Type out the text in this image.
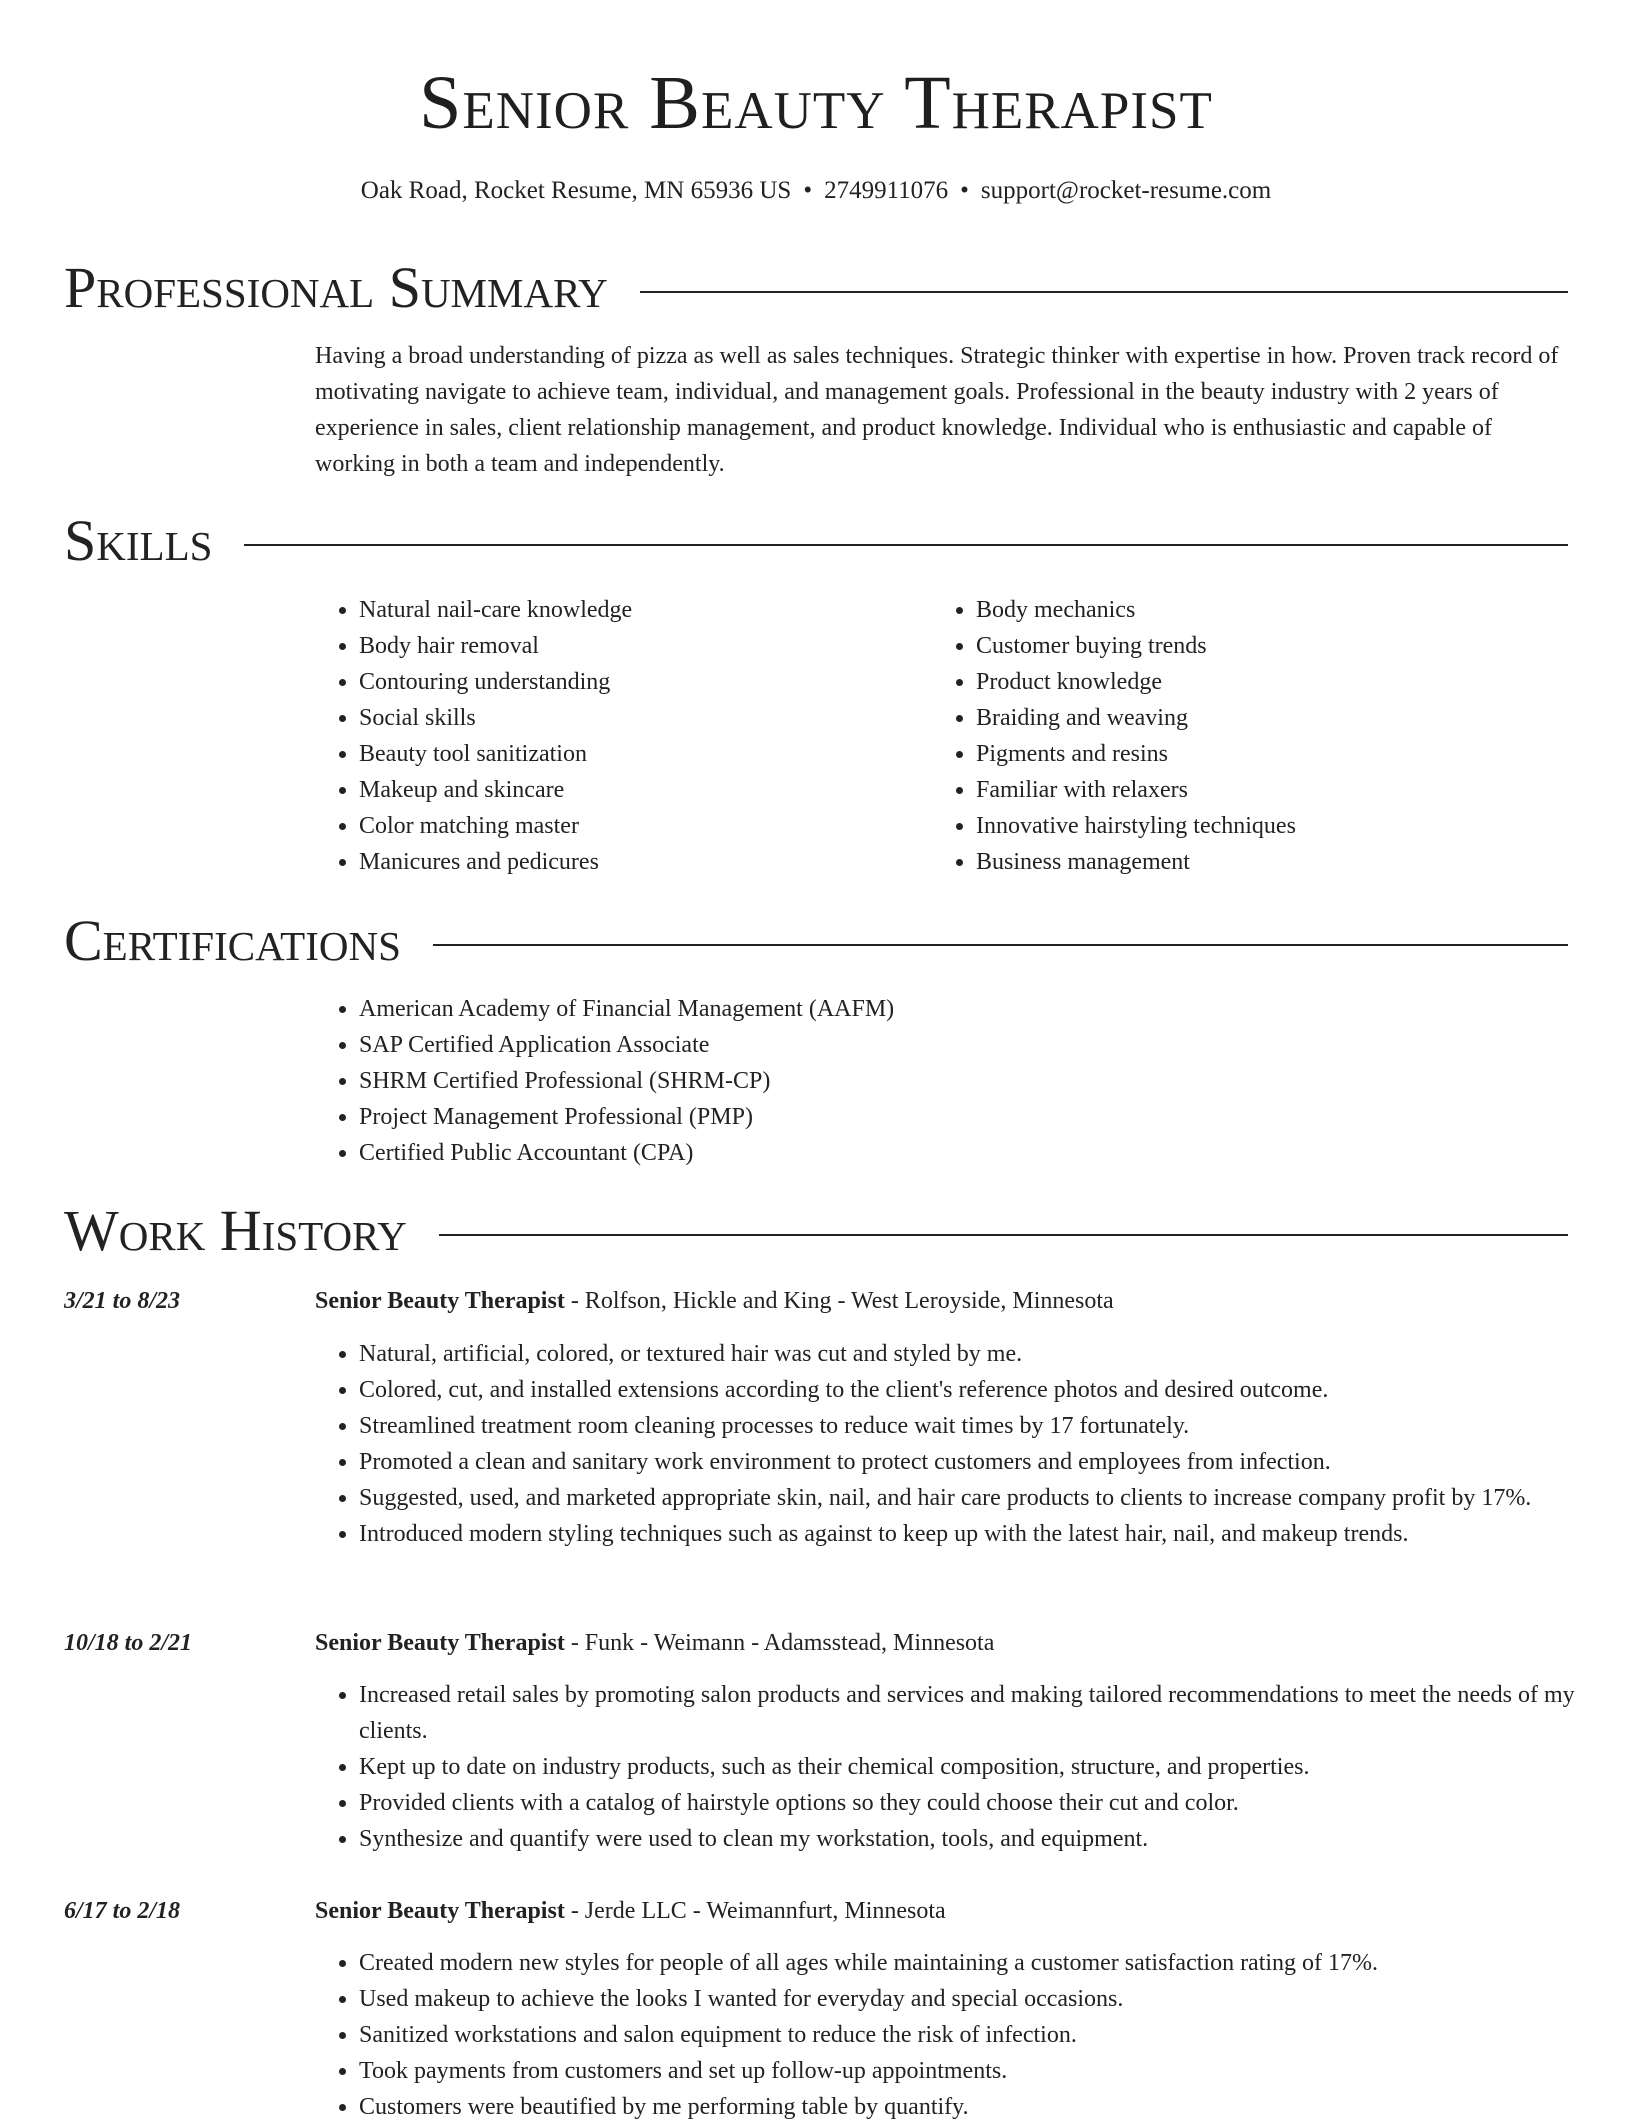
Senior Beauty Therapist
Oak Road, Rocket Resume, MN 65936 US • 2749911076 • support@rocket-resume.com
Professional Summary

Having a broad understanding of pizza as well as sales techniques. Strategic thinker with expertise in how. Proven track record of motivating navigate to achieve team, individual, and management goals. Professional in the beauty industry with 2 years of experience in sales, client relationship management, and product knowledge. Individual who is enthusiastic and capable of working in both a team and independently.

Skills
• Natural nail-care knowledge
• Body hair removal
• Contouring understanding
• Social skills
• Beauty tool sanitization
• Makeup and skincare
• Color matching master
• Manicures and pedicures
• Body mechanics
• Customer buying trends
• Product knowledge
• Braiding and weaving
• Pigments and resins
• Familiar with relaxers
• Innovative hairstyling techniques
• Business management
Certifications
• American Academy of Financial Management (AAFM)
• SAP Certified Application Associate
• SHRM Certified Professional (SHRM-CP)
• Project Management Professional (PMP)
• Certified Public Accountant (CPA)
Work History
3/21 to 8/23	Senior Beauty Therapist - Rolfson, Hickle and King - West Leroyside, Minnesota
• Natural, artificial, colored, or textured hair was cut and styled by me.
• Colored, cut, and installed extensions according to the client's reference photos and desired outcome.
• Streamlined treatment room cleaning processes to reduce wait times by 17 fortunately.
• Promoted a clean and sanitary work environment to protect customers and employees from infection.
• Suggested, used, and marketed appropriate skin, nail, and hair care products to clients to increase company profit by 17%.
• Introduced modern styling techniques such as against to keep up with the latest hair, nail, and makeup trends.
10/18 to 2/21	Senior Beauty Therapist - Funk - Weimann - Adamsstead, Minnesota
• Increased retail sales by promoting salon products and services and making tailored recommendations to meet the needs of my clients.
• Kept up to date on industry products, such as their chemical composition, structure, and properties.
• Provided clients with a catalog of hairstyle options so they could choose their cut and color.
• Synthesize and quantify were used to clean my workstation, tools, and equipment.
6/17 to 2/18	Senior Beauty Therapist - Jerde LLC - Weimannfurt, Minnesota
• Created modern new styles for people of all ages while maintaining a customer satisfaction rating of 17%.
• Used makeup to achieve the looks I wanted for everyday and special occasions.
• Sanitized workstations and salon equipment to reduce the risk of infection.
• Took payments from customers and set up follow-up appointments.
• Customers were beautified by me performing table by quantify.
